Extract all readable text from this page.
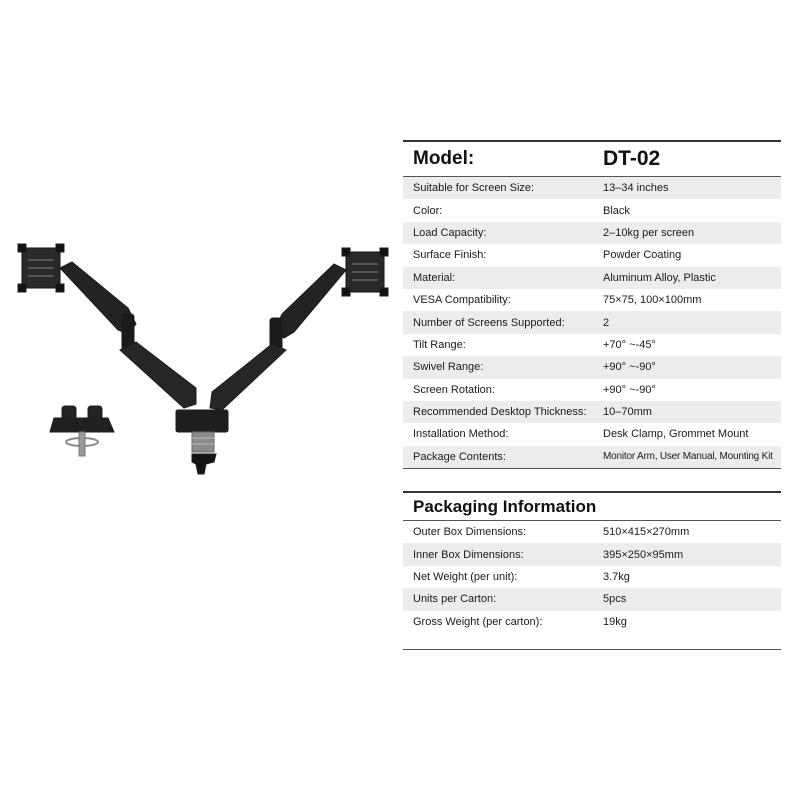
Model:	DT-02
Suitable for Screen Size:	13–34 inches
Color:	Black
Load Capacity:	2–10kg per screen
Surface Finish:	Powder Coating
Material:	Aluminum Alloy, Plastic
VESA Compatibility:	75×75, 100×100mm
Number of Screens Supported:	2
Tilt Range:	+70° ~-45°
Swivel Range:	+90° ~-90°
Screen Rotation:	+90° ~-90°
Recommended Desktop Thickness:	10–70mm
Installation Method:	Desk Clamp, Grommet Mount
Package Contents:	Monitor Arm, User Manual, Mounting Kit
Packaging Information
Outer Box Dimensions:	510×415×270mm
Inner Box Dimensions:	395×250×95mm
Net Weight (per unit):	3.7kg
Units per Carton:	5pcs
Gross Weight (per carton):	19kg
